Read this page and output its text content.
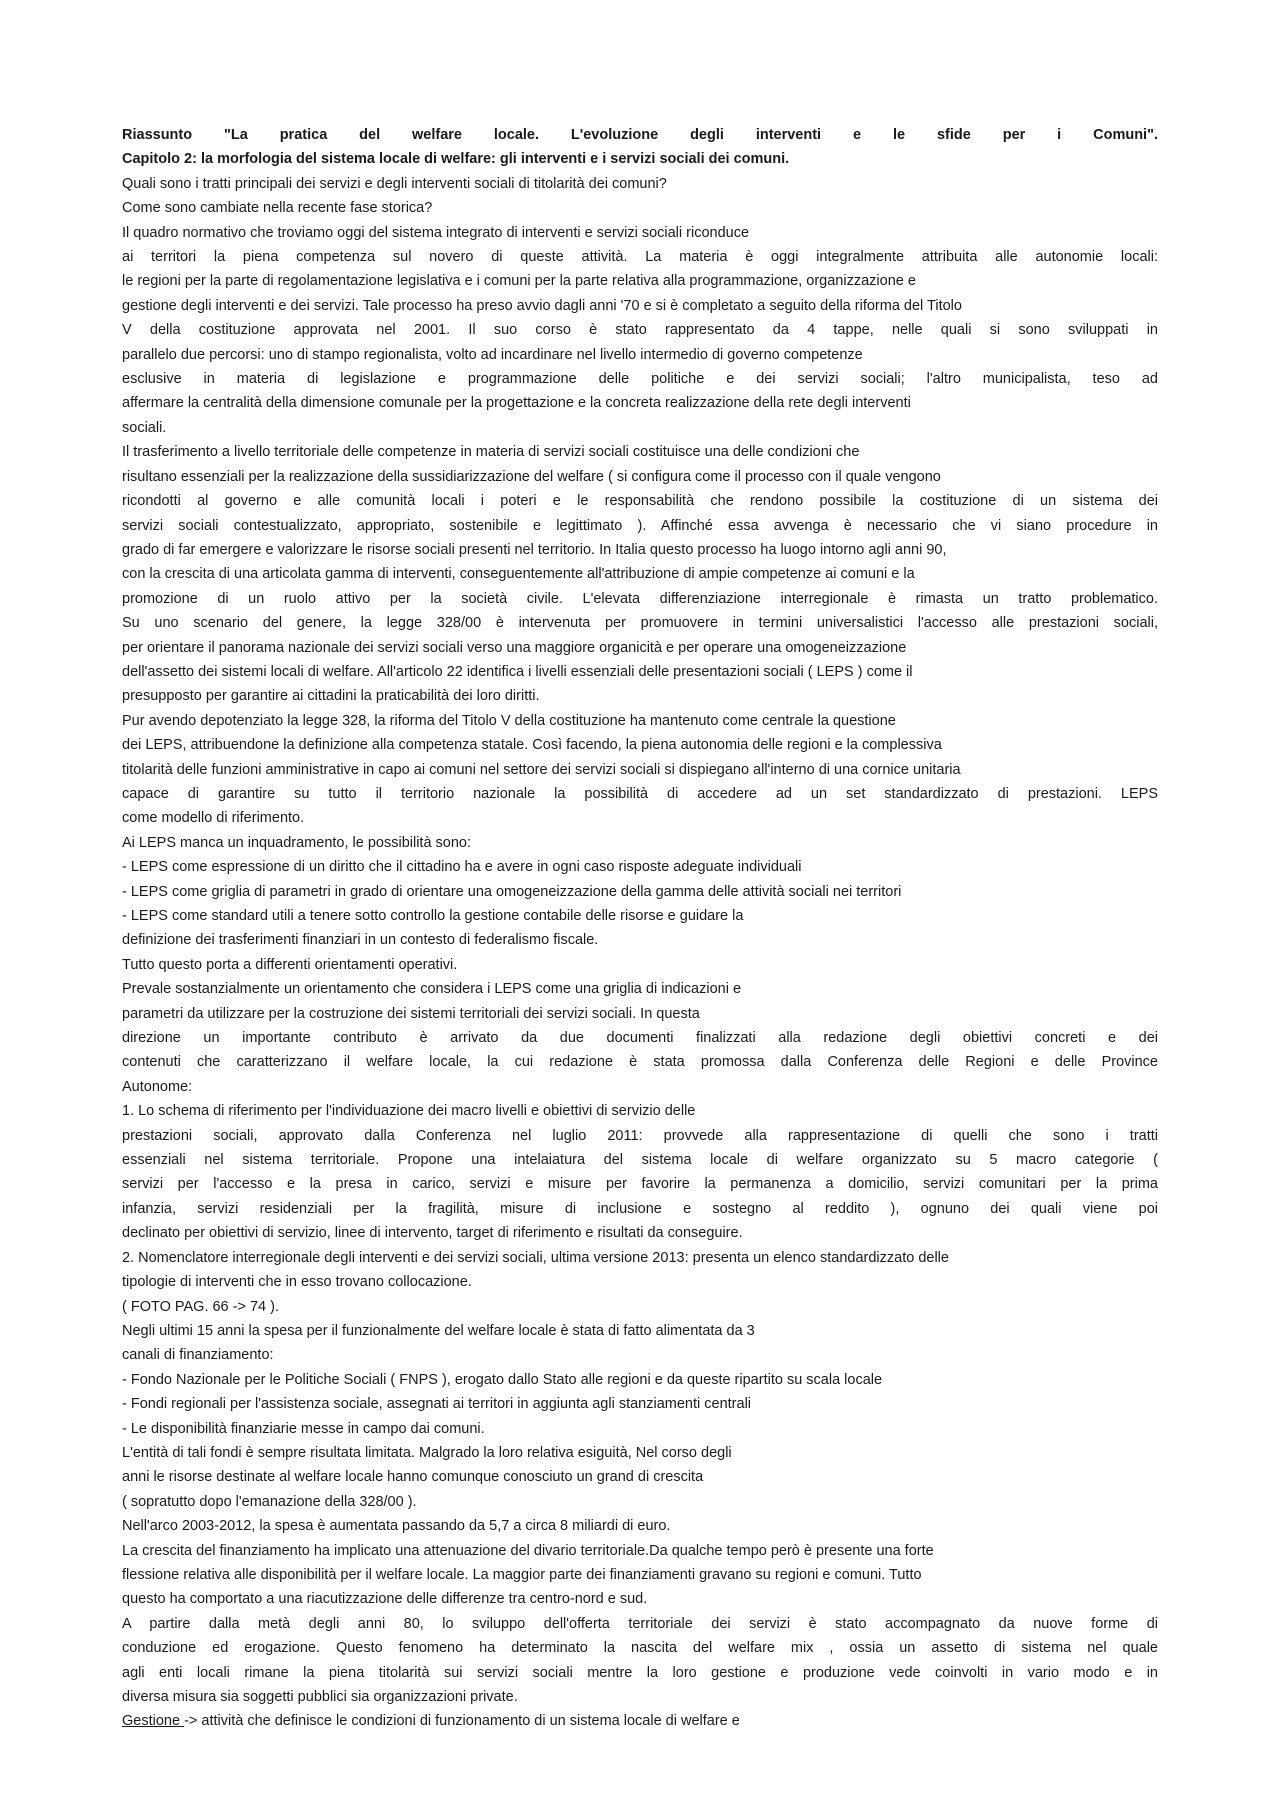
Riassunto "La pratica del welfare locale. L'evoluzione degli interventi e le sfide per i Comuni".
Capitolo 2: la morfologia del sistema locale di welfare: gli interventi e i servizi sociali dei comuni.
Quali sono i tratti principali dei servizi e degli interventi sociali di titolarità dei comuni?
Come sono cambiate nella recente fase storica?
Il quadro normativo che troviamo oggi del sistema integrato di interventi e servizi sociali riconduce
ai territori la piena competenza sul novero di queste attività. La materia è oggi integralmente attribuita alle autonomie locali:
le regioni per la parte di regolamentazione legislativa e i comuni per la parte relativa alla programmazione, organizzazione e
gestione degli interventi e dei servizi. Tale processo ha preso avvio dagli anni '70 e si è completato a seguito della riforma del Titolo
V della costituzione approvata nel 2001. Il suo corso è stato rappresentato da 4 tappe, nelle quali si sono sviluppati in
parallelo due percorsi: uno di stampo regionalista, volto ad incardinare nel livello intermedio di governo competenze
esclusive in materia di legislazione e programmazione delle politiche e dei servizi sociali; l'altro municipalista, teso ad
affermare la centralità della dimensione comunale per la progettazione e la concreta realizzazione della rete degli interventi
sociali.
Il trasferimento a livello territoriale delle competenze in materia di servizi sociali costituisce una delle condizioni che
risultano essenziali per la realizzazione della sussidiarizzazione del welfare ( si configura come il processo con il quale vengono
ricondotti al governo e alle comunità locali i poteri e le responsabilità che rendono possibile la costituzione di un sistema dei
servizi sociali contestualizzato, appropriato, sostenibile e legittimato ). Affinché essa avvenga è necessario che vi siano procedure in
grado di far emergere e valorizzare le risorse sociali presenti nel territorio. In Italia questo processo ha luogo intorno agli anni 90,
con la crescita di una articolata gamma di interventi, conseguentemente all'attribuzione di ampie competenze ai comuni e la
promozione di un ruolo attivo per la società civile. L'elevata differenziazione interregionale è rimasta un tratto problematico.
Su uno scenario del genere, la legge 328/00 è intervenuta per promuovere in termini universalistici l'accesso alle prestazioni sociali,
per orientare il panorama nazionale dei servizi sociali verso una maggiore organicità e per operare una omogeneizzazione
dell'assetto dei sistemi locali di welfare. All'articolo 22 identifica i livelli essenziali delle presentazioni sociali ( LEPS ) come il
presupposto per garantire ai cittadini la praticabilità dei loro diritti.
Pur avendo depotenziato la legge 328, la riforma del Titolo V della costituzione ha mantenuto come centrale la questione
dei LEPS, attribuendone la definizione alla competenza statale. Così facendo, la piena autonomia delle regioni e la complessiva
titolarità delle funzioni amministrative in capo ai comuni nel settore dei servizi sociali si dispiegano all'interno di una cornice unitaria
capace di garantire su tutto il territorio nazionale la possibilità di accedere ad un set standardizzato di prestazioni. LEPS
come modello di riferimento.
Ai LEPS manca un inquadramento, le possibilità sono:
- LEPS come espressione di un diritto che il cittadino ha e avere in ogni caso risposte adeguate individuali
- LEPS come griglia di parametri in grado di orientare una omogeneizzazione della gamma delle attività sociali nei territori
- LEPS come standard utili a tenere sotto controllo la gestione contabile delle risorse e guidare la
definizione dei trasferimenti finanziari in un contesto di federalismo fiscale.
Tutto questo porta a differenti orientamenti operativi.
Prevale sostanzialmente un orientamento che considera i LEPS come una griglia di indicazioni e
parametri da utilizzare per la costruzione dei sistemi territoriali dei servizi sociali. In questa
direzione un importante contributo è arrivato da due documenti finalizzati alla redazione degli obiettivi concreti e dei
contenuti che caratterizzano il welfare locale, la cui redazione è stata promossa dalla Conferenza delle Regioni e delle Province
Autonome:
1. Lo schema di riferimento per l'individuazione dei macro livelli e obiettivi di servizio delle
prestazioni sociali, approvato dalla Conferenza nel luglio 2011: provvede alla rappresentazione di quelli che sono i tratti
essenziali nel sistema territoriale. Propone una intelaiatura del sistema locale di welfare organizzato su 5 macro categorie (
servizi per l'accesso e la presa in carico, servizi e misure per favorire la permanenza a domicilio, servizi comunitari per la prima
infanzia, servizi residenziali per la fragilità, misure di inclusione e sostegno al reddito ), ognuno dei quali viene poi
declinato per obiettivi di servizio, linee di intervento, target di riferimento e risultati da conseguire.
2. Nomenclatore interregionale degli interventi e dei servizi sociali, ultima versione 2013: presenta un elenco standardizzato delle
tipologie di interventi che in esso trovano collocazione.
( FOTO PAG. 66 -> 74 ).
Negli ultimi 15 anni la spesa per il funzionalmente del welfare locale è stata di fatto alimentata da 3
canali di finanziamento:
- Fondo Nazionale per le Politiche Sociali ( FNPS ), erogato dallo Stato alle regioni e da queste ripartito su scala locale
- Fondi regionali per l'assistenza sociale, assegnati ai territori in aggiunta agli stanziamenti centrali
- Le disponibilità finanziarie messe in campo dai comuni.
L'entità di tali fondi è sempre risultata limitata. Malgrado la loro relativa esiguità, Nel corso degli
anni le risorse destinate al welfare locale hanno comunque conosciuto un grand di crescita
( sopratutto dopo l'emanazione della 328/00 ).
Nell'arco 2003-2012, la spesa è aumentata passando da 5,7 a circa 8 miliardi di euro.
La crescita del finanziamento ha implicato una attenuazione del divario territoriale.Da qualche tempo però è presente una forte
flessione relativa alle disponibilità per il welfare locale. La maggior parte dei finanziamenti gravano su regioni e comuni. Tutto
questo ha comportato a una riacutizzazione delle differenze tra centro-nord e sud.
A partire dalla metà degli anni 80, lo sviluppo dell'offerta territoriale dei servizi è stato accompagnato da nuove forme di
conduzione ed erogazione. Questo fenomeno ha determinato la nascita del welfare mix , ossia un assetto di sistema nel quale
agli enti locali rimane la piena titolarità sui servizi sociali mentre la loro gestione e produzione vede coinvolti in vario modo e in
diversa misura sia soggetti pubblici sia organizzazioni private.
Gestione -> attività che definisce le condizioni di funzionamento di un sistema locale di welfare e
